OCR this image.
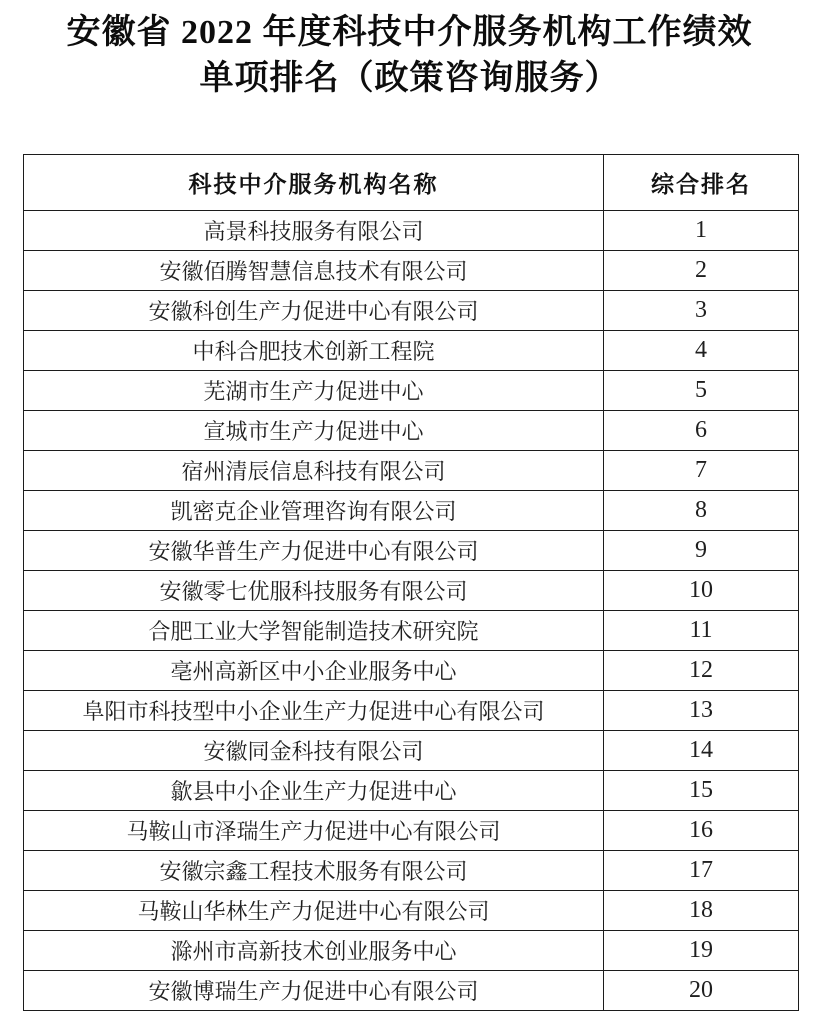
安徽省 2022 年度科技中介服务机构工作绩效
单项排名（政策咨询服务）
科技中介服务机构名称	综合排名
高景科技服务有限公司	1
安徽佰腾智慧信息技术有限公司	2
安徽科创生产力促进中心有限公司	3
中科合肥技术创新工程院	4
芜湖市生产力促进中心	5
宣城市生产力促进中心	6
宿州清辰信息科技有限公司	7
凯密克企业管理咨询有限公司	8
安徽华普生产力促进中心有限公司	9
安徽零七优服科技服务有限公司	10
合肥工业大学智能制造技术研究院	11
亳州高新区中小企业服务中心	12
阜阳市科技型中小企业生产力促进中心有限公司	13
安徽同金科技有限公司	14
歙县中小企业生产力促进中心	15
马鞍山市泽瑞生产力促进中心有限公司	16
安徽宗鑫工程技术服务有限公司	17
马鞍山华林生产力促进中心有限公司	18
滁州市高新技术创业服务中心	19
安徽博瑞生产力促进中心有限公司	20
